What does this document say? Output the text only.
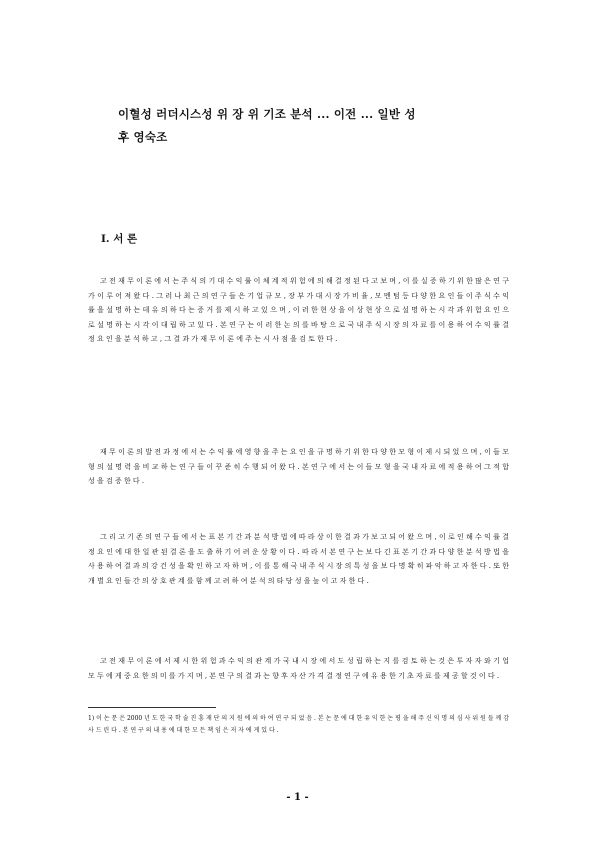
이혈성 러더시스성 위 장 위 기조 분석 ... 이전 ... 일반 성

후 영숙조
Ⅰ. 서 론

고 전 재 무 이 론 에 서 는 주 식 의 기 대 수 익 률 이 체 계 적 위 험 에 의 해 결 정 된 다 고 보 며 , 이 를 실 증 하 기 위 한 많 은 연 구 가 이 루 어 져 왔 다 . 그 러 나 최 근 의 연 구 들 은 기 업 규 모 , 장 부 가 대 시 장 가 비 율 , 모 멘 텀 등 다 양 한 요 인 들 이 주 식 수 익 률 을 설 명 하 는 데 유 의 하 다 는 증 거 를 제 시 하 고 있 으 며 , 이 러 한 현 상 을 이 상 현 상 으 로 설 명 하 는 시 각 과 위 험 요 인 으 로 설 명 하 는 시 각 이 대 립 하 고 있 다 . 본 연 구 는 이 러 한 논 의 를 바 탕 으 로 국 내 주 식 시 장 의 자 료 를 이 용 하 여 수 익 률 결 정 요 인 을 분 석 하 고 , 그 결 과 가 재 무 이 론 에 주 는 시 사 점 을 검 토 한 다 .

재 무 이 론 의 발 전 과 정 에 서 는 수 익 률 에 영 향 을 주 는 요 인 을 규 명 하 기 위 한 다 양 한 모 형 이 제 시 되 었 으 며 , 이 들 모 형 의 설 명 력 을 비 교 하 는 연 구 들 이 꾸 준 히 수 행 되 어 왔 다 . 본 연 구 에 서 는 이 들 모 형 을 국 내 자 료 에 적 용 하 여 그 적 합 성 을 검 증 한 다 .

그 리 고 기 존 의 연 구 들 에 서 는 표 본 기 간 과 분 석 방 법 에 따 라 상 이 한 결 과 가 보 고 되 어 왔 으 며 , 이 로 인 해 수 익 률 결 정 요 인 에 대 한 일 관 된 결 론 을 도 출 하 기 어 려 운 상 황 이 다 . 따 라 서 본 연 구 는 보 다 긴 표 본 기 간 과 다 양 한 분 석 방 법 을 사 용 하 여 결 과 의 강 건 성 을 확 인 하 고 자 하 며 , 이 를 통 해 국 내 주 식 시 장 의 특 성 을 보 다 명 확 히 파 악 하 고 자 한 다 . 또 한 개 별 요 인 들 간 의 상 호 관 계 를 함 께 고 려 하 여 분 석 의 타 당 성 을 높 이 고 자 한 다 .

고 전 재 무 이 론 에 서 제 시 한 위 험 과 수 익 의 관 계 가 국 내 시 장 에 서 도 성 립 하 는 지 를 검 토 하 는 것 은 투 자 자 와 기 업 모 두 에 게 중 요 한 의 미 를 가 지 며 , 본 연 구 의 결 과 는 향 후 자 산 가 격 결 정 연 구 에 유 용 한 기 초 자 료 를 제 공 할 것 이 다 .

1) 이 논 문 은 2000 년 도 한 국 학 술 진 흥 재 단 의 지 원 에 의 하 여 연 구 되 었 음 . 본 논 문 에 대 한 유 익 한 논 평 을 해 주 신 익 명 의 심 사 위 원 들 께 감 사 드 린 다 . 본 연 구 의 내 용 에 대 한 모 든 책 임 은 저 자 에 게 있 다 .
- 1 -
